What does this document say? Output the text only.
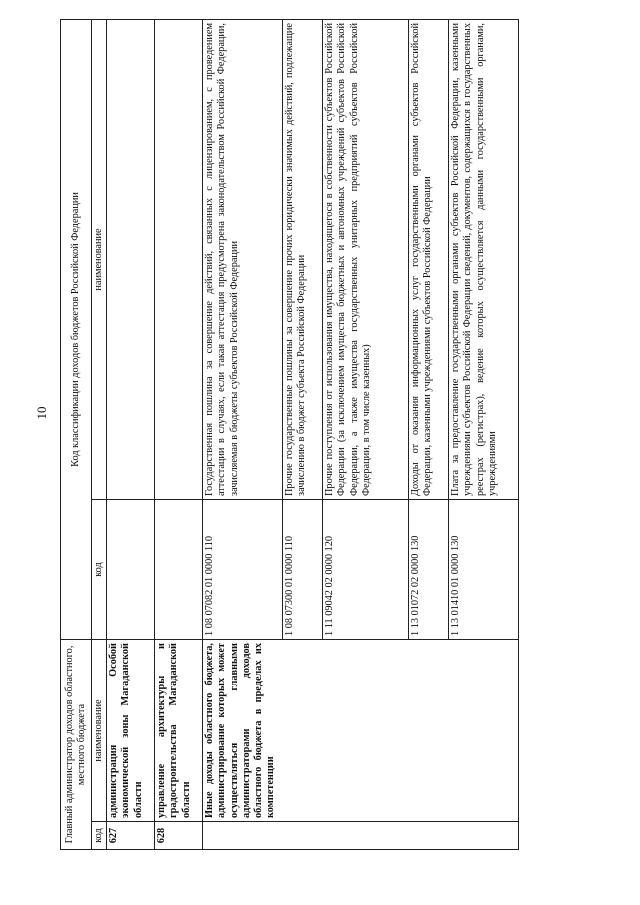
10
Главный администратор доходов областного, местного бюджета		Код классификации доходов бюджетов Российской Федерации	
код	наименование	код	наименование
627	администрация Особой экономической зоны Магаданской области		
628	управление архитектуры и градостроительства Магаданской области		
	Иные доходы областного бюджета, администрирование которых может осуществляться главными администраторами доходов областного бюджета в пределах их компетенции	1 08 07082 01 0000 110	Государственная пошлина за совершение действий, связанных с лицензированием, с проведением аттестации в случаях, если такая аттестация предусмотрена законодательством Российской Федерации, зачисляемая в бюджеты субъектов Российской Федерации
		1 08 07300 01 0000 110	Прочие государственные пошлины за совершение прочих юридически значимых действий, подлежащие зачислению в бюджет субъекта Российской Федерации
		1 11 09042 02 0000 120	Прочие поступления от использования имущества, находящегося в собственности субъектов Российской Федерации (за исключением имущества бюджетных и автономных учреждений субъектов Российской Федерации, а также имущества государственных унитарных предприятий субъектов Российской Федерации, в том числе казенных)
		1 13 01072 02 0000 130	Доходы от оказания информационных услуг государственными органами субъектов Российской Федерации, казенными учреждениями субъектов Российской Федерации
		1 13 01410 01 0000 130	Плата за предоставление государственными органами субъектов Российской Федерации, казенными учреждениями субъектов Российской Федерации сведений, документов, содержащихся в государственных реестрах (регистрах), ведение которых осуществляется данными государственными органами, учреждениями
